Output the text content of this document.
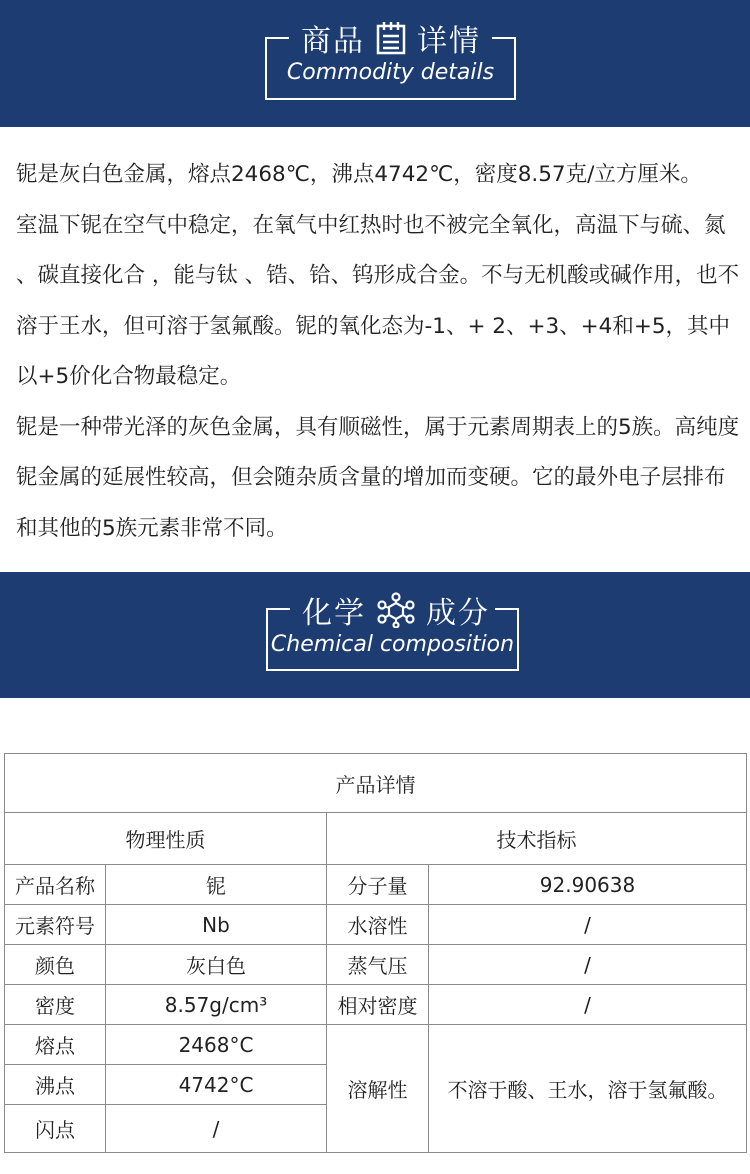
商品 详情
Commodity details

铌是灰白色金属，熔点2468℃，沸点4742℃，密度8.57克/立方厘米。

室温下铌在空气中稳定，在氧气中红热时也不被完全氧化，高温下与硫、氮 、碳直接化合 ，能与钛 、锆、铪、钨形成合金。不与无机酸或碱作用，也不溶于王水，但可溶于氢氟酸。铌的氧化态为-1、+ 2、+3、+4和+5，其中以+5价化合物最稳定。

铌是一种带光泽的灰色金属，具有顺磁性，属于元素周期表上的5族。高纯度铌金属的延展性较高，但会随杂质含量的增加而变硬。它的最外电子层排布和其他的5族元素非常不同。

化学 成分
Chemical composition
产品详情			
物理性质		技术指标	
产品名称	铌	分子量	92.90638
元素符号	Nb	水溶性	/
颜色	灰白色	蒸气压	/
密度	8.57g/cm³	相对密度	/
熔点	2468°C	溶解性	不溶于酸、王水，溶于氢氟酸。
沸点	4742°C		
闪点	/		
